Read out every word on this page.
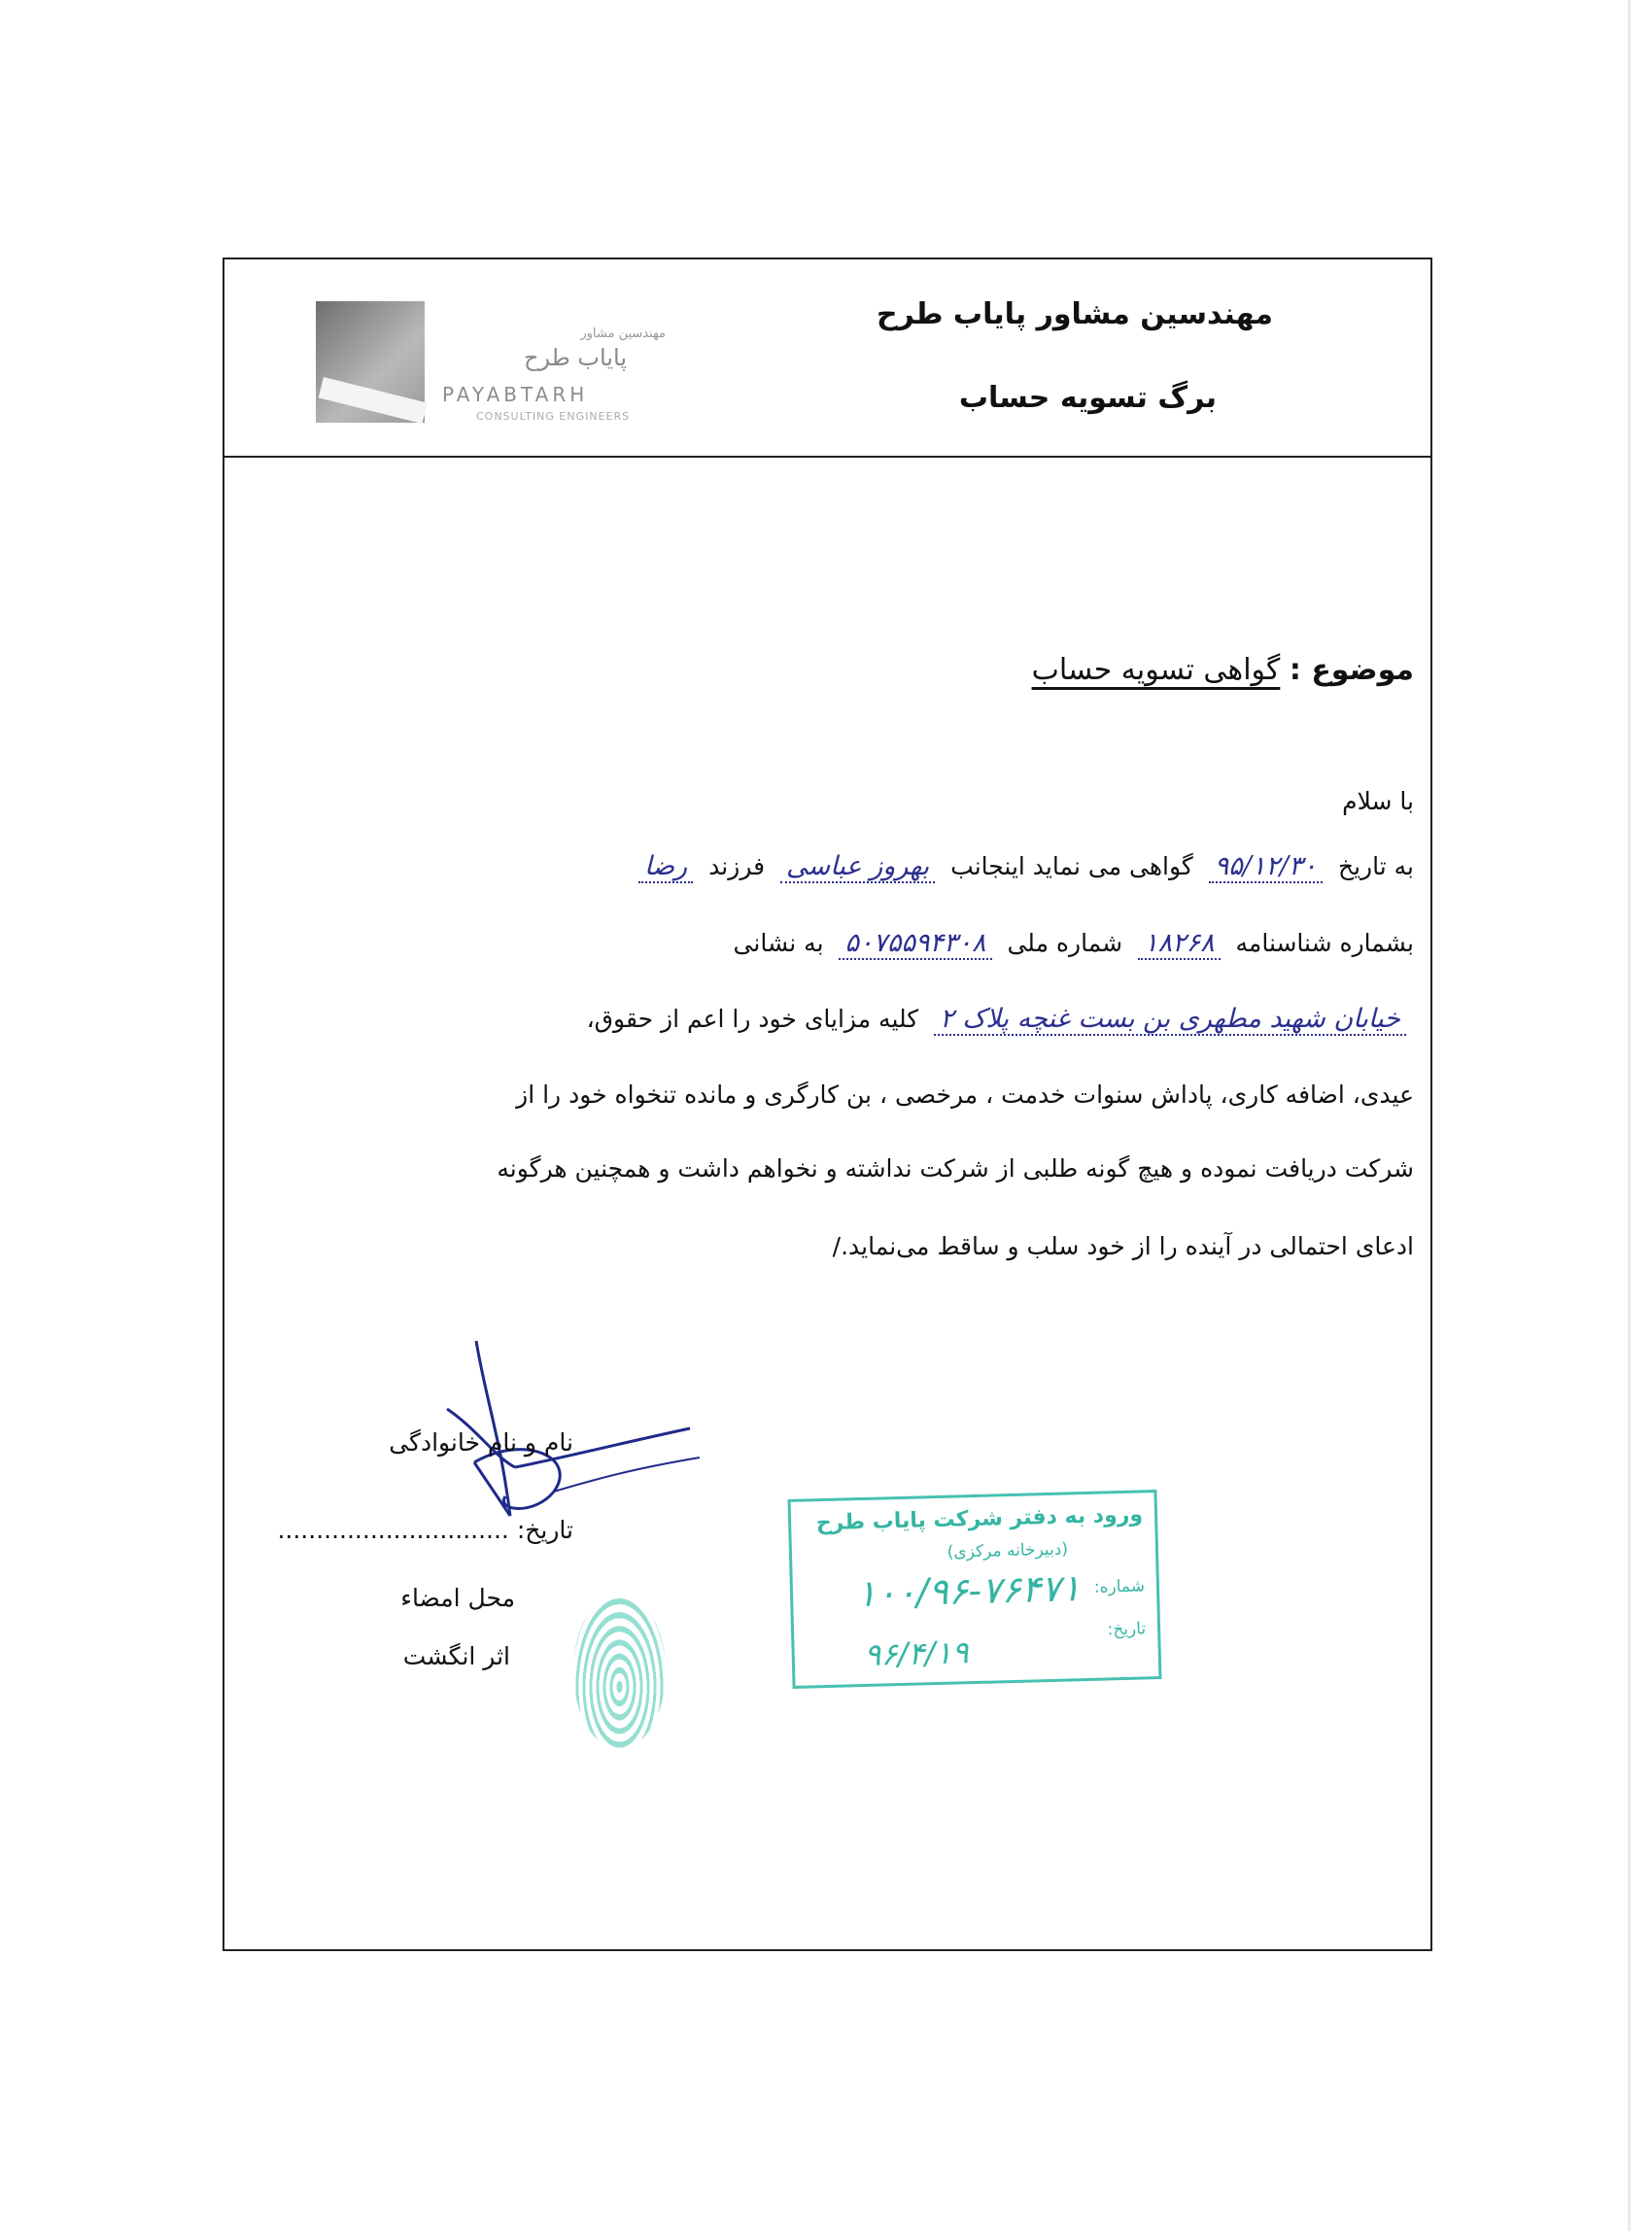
مهندسین مشاور پایاب طرح
برگ تسویه حساب
مهندسین مشاور
پایاب طرح
PAYABTARH
CONSULTING ENGINEERS
موضوع : گواهی تسویه حساب
با سلام
به تاریخ ۹۵/۱۲/۳۰ گواهی می نماید اینجانب بهروز عباسی فرزند رضا
بشماره شناسنامه ۱۸۲۶۸ شماره ملی ۵۰۷۵۵۹۴۳۰۸ به نشانی
خیابان شهید مطهری بن بست غنچه پلاک ۲ کلیه مزایای خود را اعم از حقوق،
عیدی، اضافه کاری، پاداش سنوات خدمت ، مرخصی ، بن کارگری و مانده تنخواه خود را از
شرکت دریافت نموده و هیچ گونه طلبی از شرکت نداشته و نخواهم داشت و همچنین هرگونه
ادعای احتمالی در آینده را از خود سلب و ساقط می‌نماید./
نام و نام خانوادگی
تاریخ: ..............................
محل امضاء
اثر انگشت
ورود به دفتر شرکت پایاب طرح
(دبیرخانه مرکزی)
شماره:
۱۰۰/۹۶-۷۶۴۷۱
تاریخ:
۹۶/۴/۱۹
